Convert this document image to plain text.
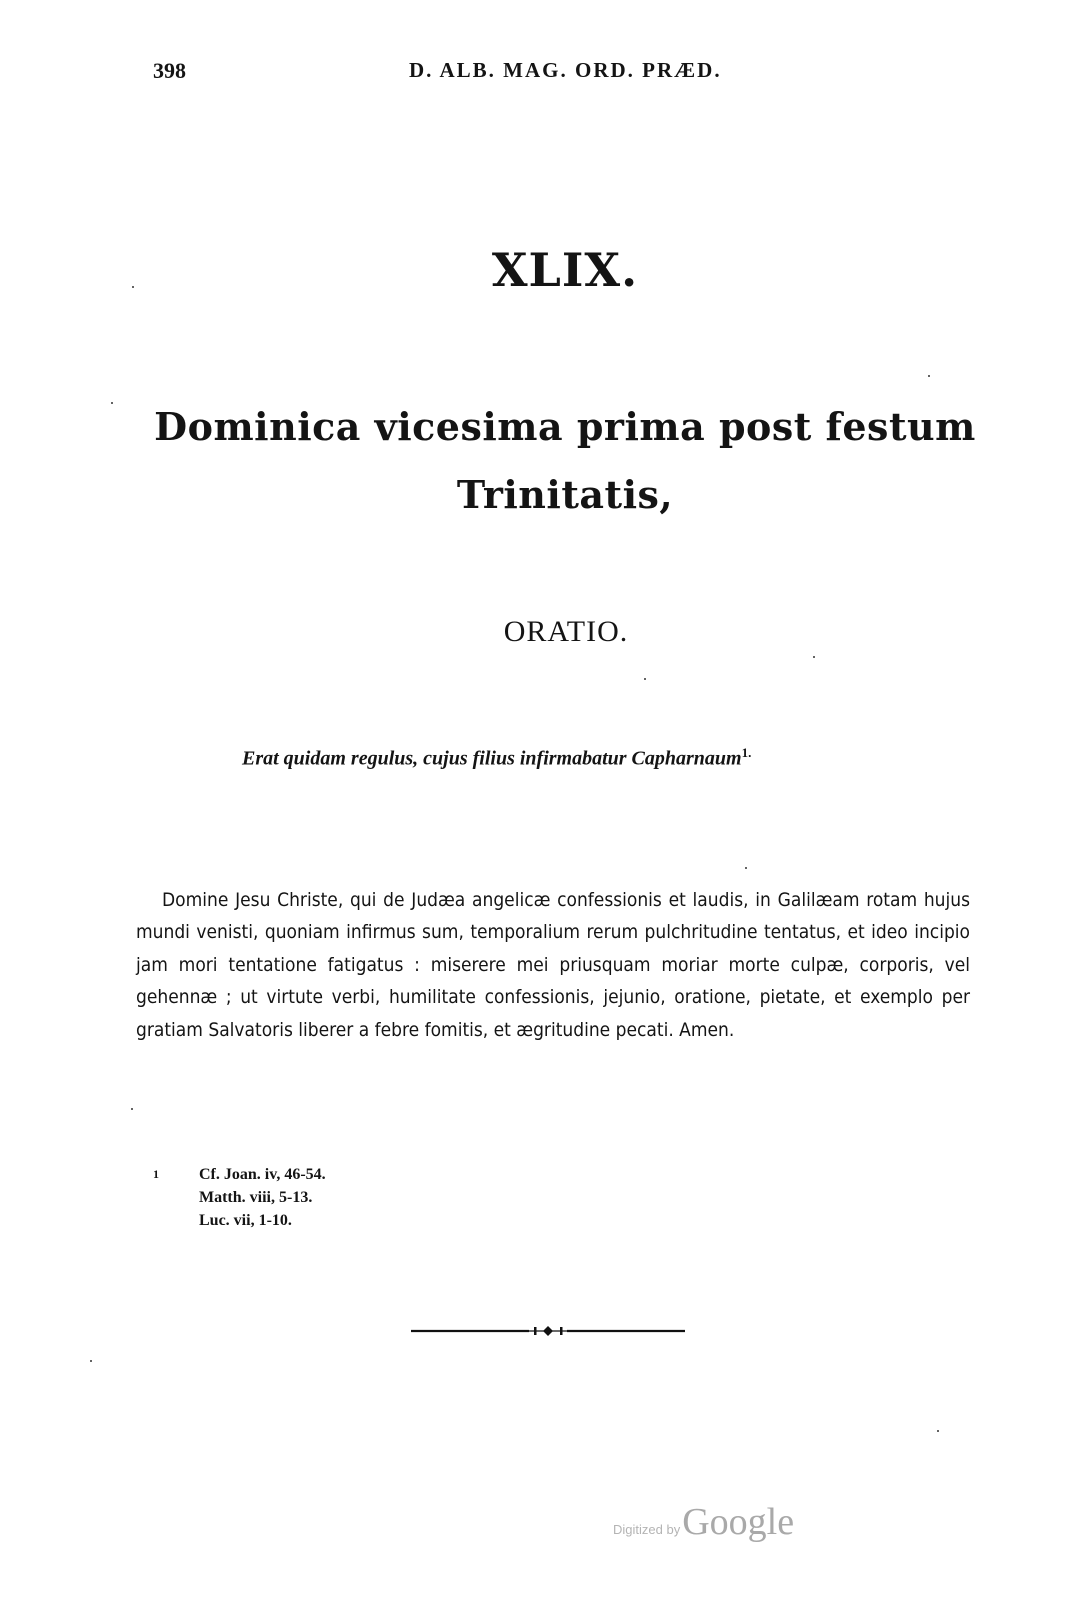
398	D. ALB. MAG. ORD. PRÆD.
XLIX.
Dominica vicesima prima post festum
Trinitatis,
ORATIO.
Erat quidam regulus, cujus filius infirmabatur Capharnaum$^{1.}$
Domine Jesu Christe, qui de Judæa angelicæ confessionis et laudis, in Galilæam rotam hujus mundi venisti, quoniam infirmus sum, temporalium rerum pulchritudine tentatus, et ideo incipio jam mori tentatione fatigatus : miserere mei priusquam moriar morte culpæ, corporis, vel gehennæ ; ut virtute verbi, humilitate confessionis, jejunio, oratione, pietate, et exemplo per gratiam Salvatoris liberer a febre fomitis, et ægritudine pecati. Amen.
1	Cf. Joan. iv, 46-54.
Matth. viii, 5-13.
Luc. vii, 1-10.
Digitized byGoogle
